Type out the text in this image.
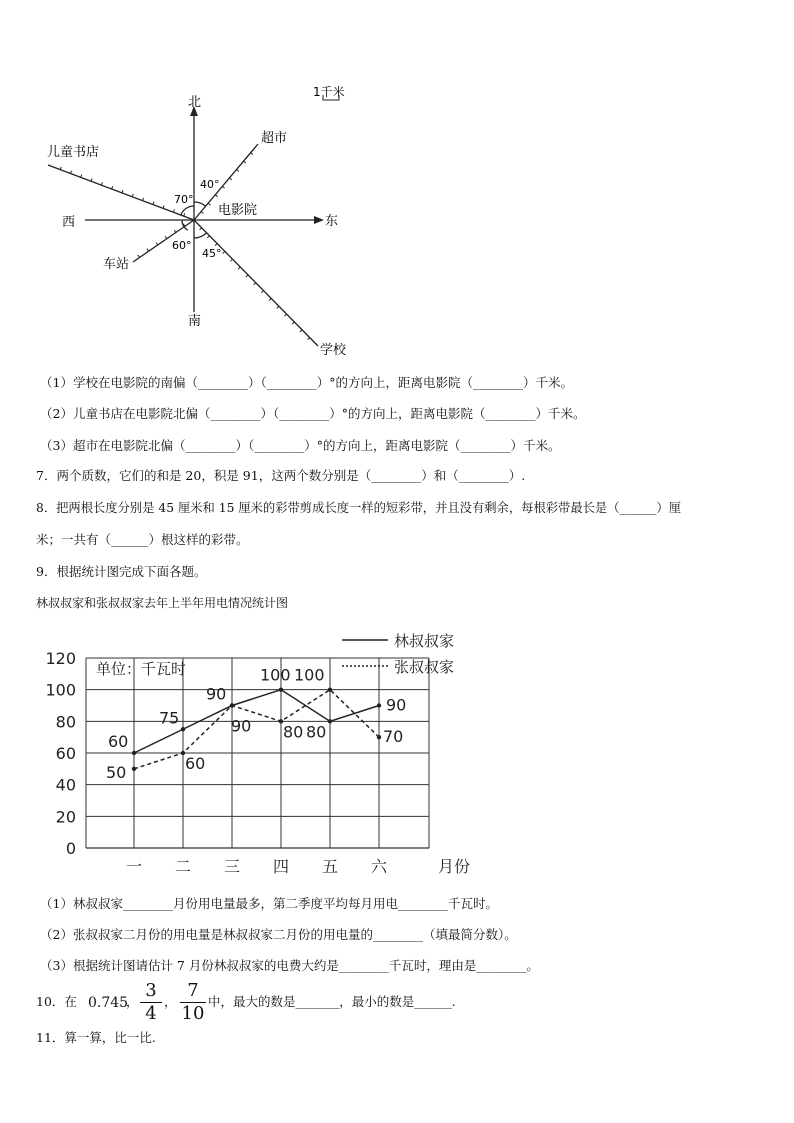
1千米
北
南
东
西
电影院
超市
儿童书店
车站
学校
40°
70°
60°
45°
（1）学校在电影院的南偏（________）（________）°的方向上，距离电影院（________）千米。
（2）儿童书店在电影院北偏（________）（________）°的方向上，距离电影院（________）千米。
（3）超市在电影院北偏（________）（________）°的方向上，距离电影院（________）千米。
7．两个质数，它们的和是 20，积是 91，这两个数分别是（________）和（________）.
8．把两根长度分别是 45 厘米和 15 厘米的彩带剪成长度一样的短彩带，并且没有剩余，每根彩带最长是（______）厘
米；一共有（______）根这样的彩带。
9．根据统计图完成下面各题。
林叔叔家和张叔叔家去年上半年用电情况统计图
0
20
40
60
80
100
120
单位：千瓦时
一 二 三 四 五 六	月份
60
75
90
100
80
90
50	60
90 80
100
70
林叔叔家
张叔叔家
（1）林叔叔家________月份用电量最多，第二季度平均每月用电________千瓦时。
（2）张叔叔家二月份的用电量是林叔叔家二月份的用电量的________（填最简分数）。
（3）根据统计图请估计 7 月份林叔叔家的电费大约是________千瓦时，理由是________。
10．在 0.745
，
3
4
，
7
10
中，最大的数是_______，最小的数是______.
11．算一算，比一比.
